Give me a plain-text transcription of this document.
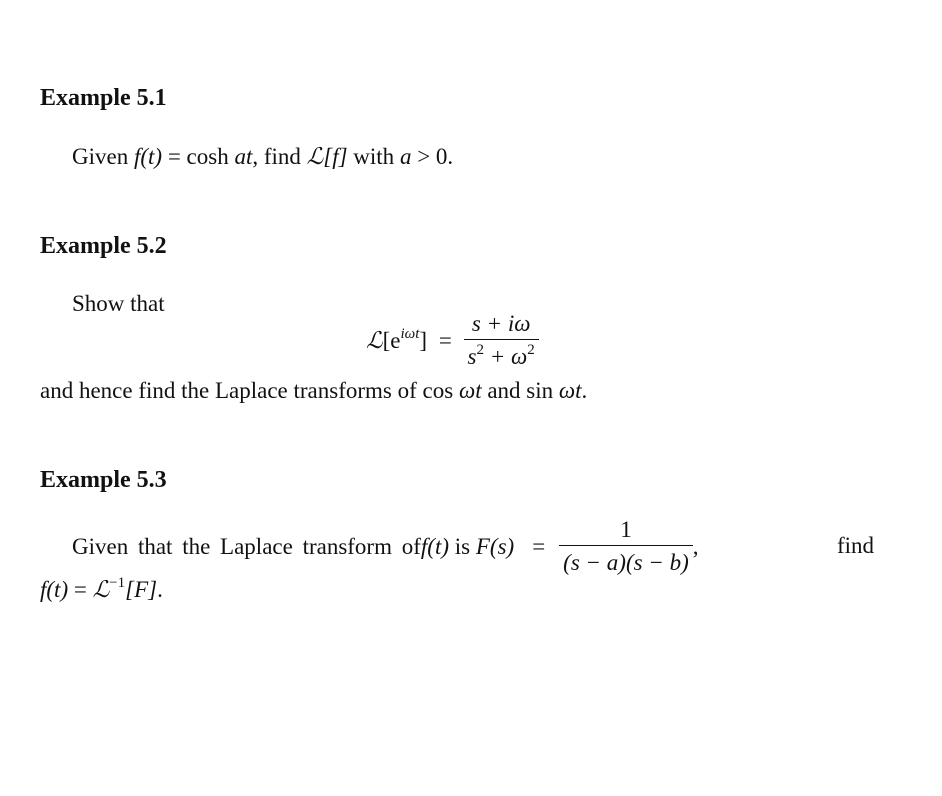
Example 5.1
Given f(t) = cosh at, find ℒ[f] with a > 0.
Example 5.2
Show that
$ℒ[e^{i\omega t}] = \frac{s + i\omega}{s^2 + \omega^2}$
and hence find the Laplace transforms of cos ωt and sin ωt.
Example 5.3
Given that the Laplace transform off(t) is $F(s) = \frac{1}{(s - a)(s - b)}$ ,	find
f(t) = ℒ$^{-1}$[F].
